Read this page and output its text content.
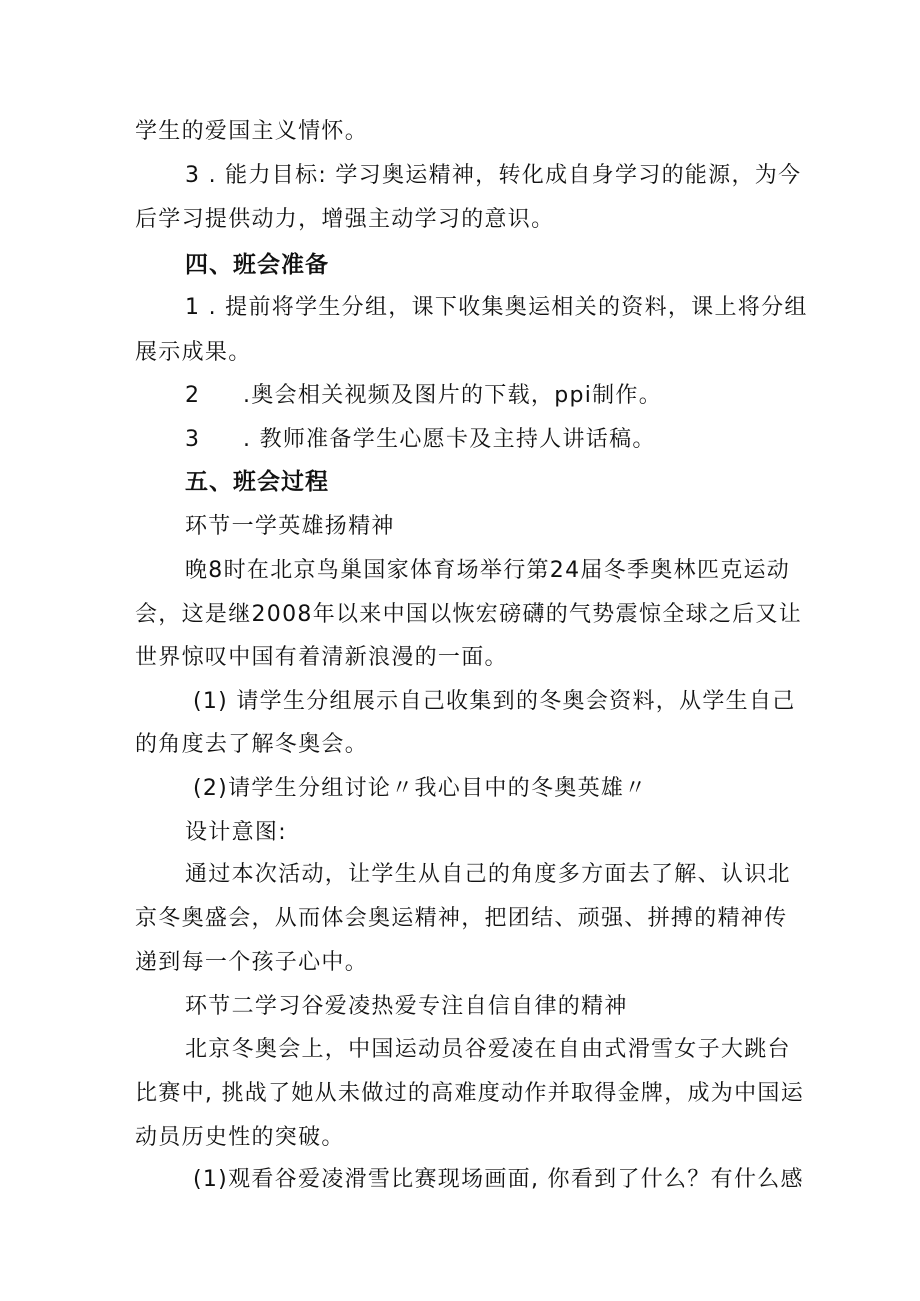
学生的爱国主义情怀。
3 . 能力目标: 学习奥运精神，转化成自身学习的能源，为今
后学习提供动力，增强主动学习的意识。
四、班会准备
1 . 提前将学生分组，课下收集奥运相关的资料，课上将分组
展示成果。
2 .奥会相关视频及图片的下载，ppi制作。
3 . 教师准备学生心愿卡及主持人讲话稿。
五、班会过程
环节一学英雄扬精神
晚8时在北京鸟巢国家体育场举行第24届冬季奥林匹克运动
会，这是继2008年以来中国以恢宏磅礴的气势震惊全球之后又让
世界惊叹中国有着清新浪漫的一面。
(1) 请学生分组展示自己收集到的冬奥会资料，从学生自己
的角度去了解冬奥会。
(2)请学生分组讨论〃我心目中的冬奥英雄〃
设计意图:
通过本次活动，让学生从自己的角度多方面去了解、认识北
京冬奥盛会，从而体会奥运精神，把团结、顽强、拼搏的精神传
递到每一个孩子心中。
环节二学习谷爱凌热爱专注自信自律的精神
北京冬奥会上，中国运动员谷爱凌在自由式滑雪女子大跳台
比赛中, 挑战了她从未做过的高难度动作并取得金牌，成为中国运
动员历史性的突破。
(1)观看谷爱凌滑雪比赛现场画面, 你看到了什么？有什么感
